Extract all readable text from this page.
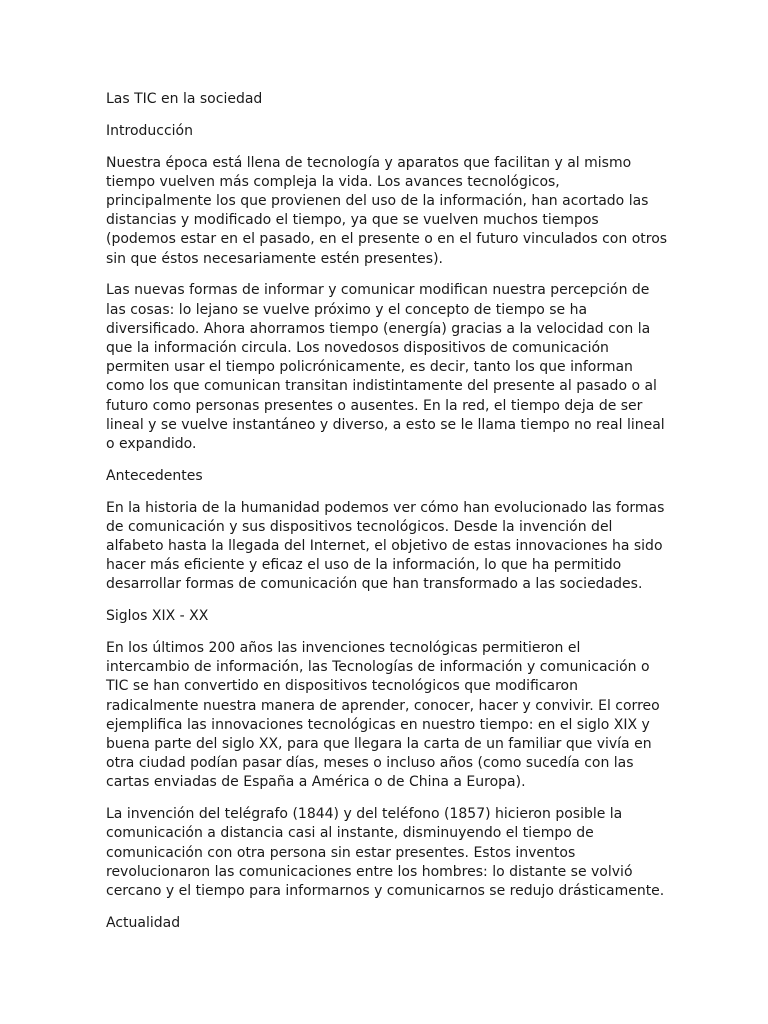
Las TIC en la sociedad

Introducción

Nuestra época está llena de tecnología y aparatos que facilitan y al mismo
tiempo vuelven más compleja la vida. Los avances tecnológicos,
principalmente los que provienen del uso de la información, han acortado las
distancias y modificado el tiempo, ya que se vuelven muchos tiempos
(podemos estar en el pasado, en el presente o en el futuro vinculados con otros
sin que éstos necesariamente estén presentes).

Las nuevas formas de informar y comunicar modifican nuestra percepción de
las cosas: lo lejano se vuelve próximo y el concepto de tiempo se ha
diversificado. Ahora ahorramos tiempo (energía) gracias a la velocidad con la
que la información circula. Los novedosos dispositivos de comunicación
permiten usar el tiempo policrónicamente, es decir, tanto los que informan
como los que comunican transitan indistintamente del presente al pasado o al
futuro como personas presentes o ausentes. En la red, el tiempo deja de ser
lineal y se vuelve instantáneo y diverso, a esto se le llama tiempo no real lineal
o expandido.

Antecedentes

En la historia de la humanidad podemos ver cómo han evolucionado las formas
de comunicación y sus dispositivos tecnológicos. Desde la invención del
alfabeto hasta la llegada del Internet, el objetivo de estas innovaciones ha sido
hacer más eficiente y eficaz el uso de la información, lo que ha permitido
desarrollar formas de comunicación que han transformado a las sociedades.

Siglos XIX - XX

En los últimos 200 años las invenciones tecnológicas permitieron el
intercambio de información, las Tecnologías de información y comunicación o
TIC se han convertido en dispositivos tecnológicos que modificaron
radicalmente nuestra manera de aprender, conocer, hacer y convivir. El correo
ejemplifica las innovaciones tecnológicas en nuestro tiempo: en el siglo XIX y
buena parte del siglo XX, para que llegara la carta de un familiar que vivía en
otra ciudad podían pasar días, meses o incluso años (como sucedía con las
cartas enviadas de España a América o de China a Europa).

La invención del telégrafo (1844) y del teléfono (1857) hicieron posible la
comunicación a distancia casi al instante, disminuyendo el tiempo de
comunicación con otra persona sin estar presentes. Estos inventos
revolucionaron las comunicaciones entre los hombres: lo distante se volvió
cercano y el tiempo para informarnos y comunicarnos se redujo drásticamente.

Actualidad
